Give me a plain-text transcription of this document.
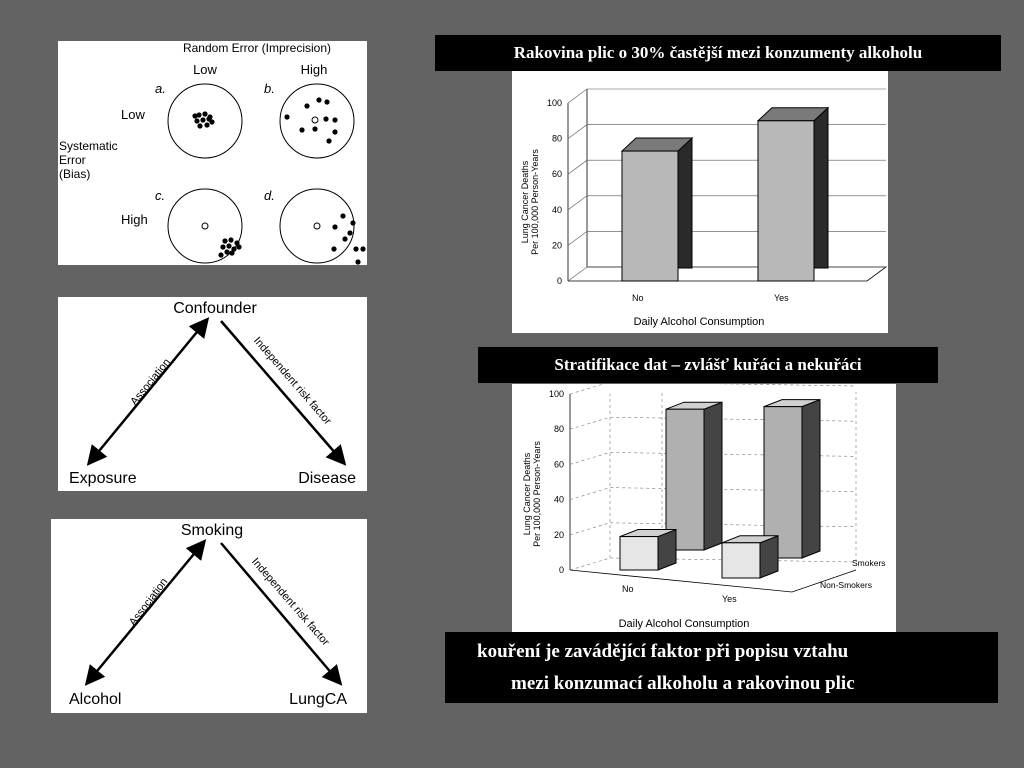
Random Error (Imprecision)
Low	High
Low
High
Systematic
Error
(Bias)
a.	b.
c.	d.
Confounder
Exposure	Disease
Association	Independent risk factor
Smoking
Alcohol	LungCA
Association	Independent risk factor
Rakovina plic o 30% častější mezi konzumenty alkoholu
Stratifikace dat – zvlášť kuřáci a nekuřáci
kouření je zavádějící faktor při popisu vztahu
mezi konzumací alkoholu a rakovinou plic
Lung Cancer Deaths Per 100,000 Person-Years
Daily Alcohol Consumption
0
20
40
60
80
100
No	Yes
Lung Cancer Deaths Per 100,000 Person-Years
Daily Alcohol Consumption
0
20
40
60
80
100
No
Yes
Smokers
Non-Smokers
